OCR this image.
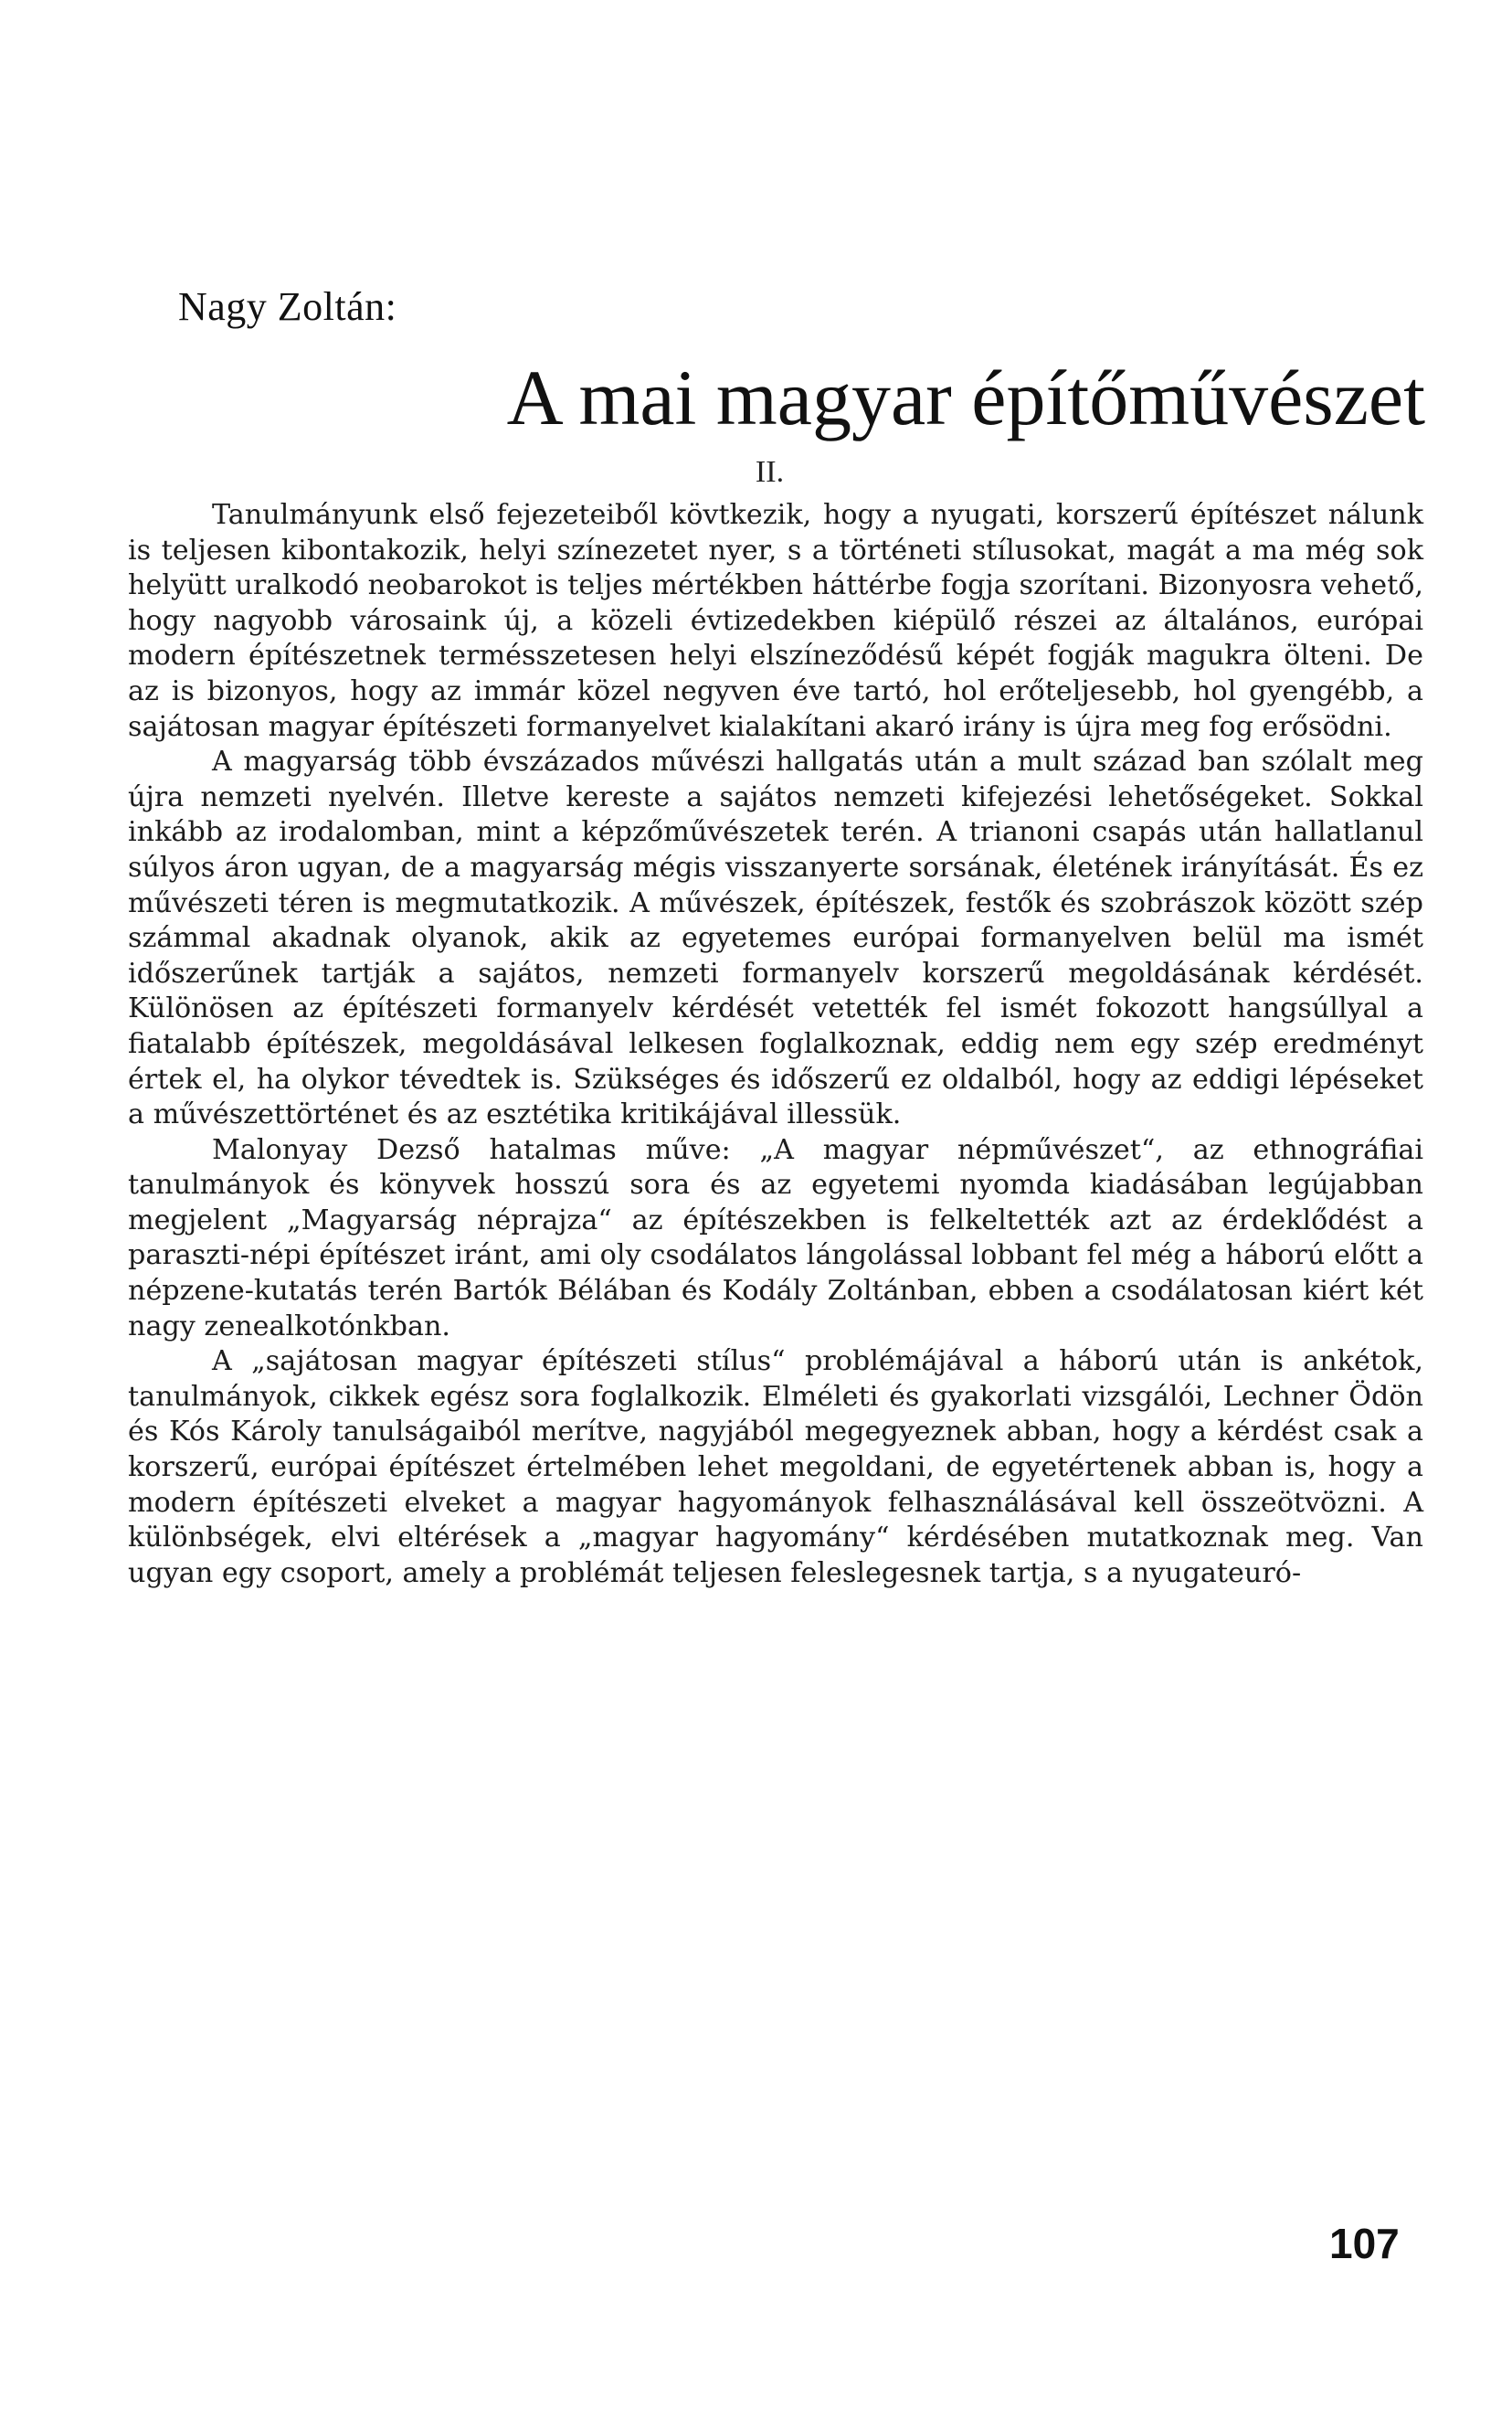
Nagy Zoltán:
A mai magyar építőművészet
II.

Tanulmányunk első fejezeteiből kövtkezik, hogy a nyugati, korszerű építészet nálunk is teljesen kibontakozik, helyi színezetet nyer, s a történeti stílusokat, magát a ma még sok helyütt uralkodó neobarokot is teljes mértékben háttérbe fogja szorítani. Bizonyosra vehető, hogy nagyobb városaink új, a közeli évtizedekben kiépülő részei az általános, európai modern építészetnek termésszetesen helyi elszíneződésű képét fogják magukra ölteni. De az is bizonyos, hogy az immár közel negyven éve tartó, hol erőteljesebb, hol gyengébb, a sajátosan magyar építészeti formanyelvet kialakítani akaró irány is újra meg fog erősödni.

A magyarság több évszázados művészi hallgatás után a mult század ban szólalt meg újra nemzeti nyelvén. Illetve kereste a sajátos nemzeti kifejezési lehetőségeket. Sokkal inkább az irodalomban, mint a képzőművészetek terén. A trianoni csapás után hallatlanul súlyos áron ugyan, de a magyarság mégis visszanyerte sorsának, életének irányítását. És ez művészeti téren is megmutatkozik. A művészek, építészek, festők és szobrászok között szép számmal akadnak olyanok, akik az egyetemes európai formanyelven belül ma ismét időszerűnek tartják a sajátos, nemzeti formanyelv korszerű megoldásának kérdését. Különösen az építészeti formanyelv kérdését vetették fel ismét fokozott hangsúllyal a fiatalabb építészek, megoldásával lelkesen foglalkoznak, eddig nem egy szép eredményt értek el, ha olykor tévedtek is. Szükséges és időszerű ez oldalból, hogy az eddigi lépéseket a művészettörténet és az esztétika kritikájával illessük.

Malonyay Dezső hatalmas műve: „A magyar népművészet“, az ethnográfiai tanulmányok és könyvek hosszú sora és az egyetemi nyomda kiadásában legújabban megjelent „Magyarság néprajza“ az építészekben is felkeltették azt az érdeklődést a paraszti-népi építészet iránt, ami oly csodálatos lángolással lobbant fel még a háború előtt a népzene-kutatás terén Bartók Bélában és Kodály Zoltánban, ebben a csodálatosan kiért két nagy zenealkotónkban.

A „sajátosan magyar építészeti stílus“ problémájával a háború után is ankétok, tanulmányok, cikkek egész sora foglalkozik. Elméleti és gyakorlati vizsgálói, Lechner Ödön és Kós Károly tanulságaiból merítve, nagyjából megegyeznek abban, hogy a kérdést csak a korszerű, európai építészet értelmében lehet megoldani, de egyetértenek abban is, hogy a modern építészeti elveket a magyar hagyományok felhasználásával kell összeötvözni. A különbségek, elvi eltérések a „magyar hagyomány“ kérdésében mutatkoznak meg. Van ugyan egy csoport, amely a problémát teljesen feleslegesnek tartja, s a nyugateuró-

107
